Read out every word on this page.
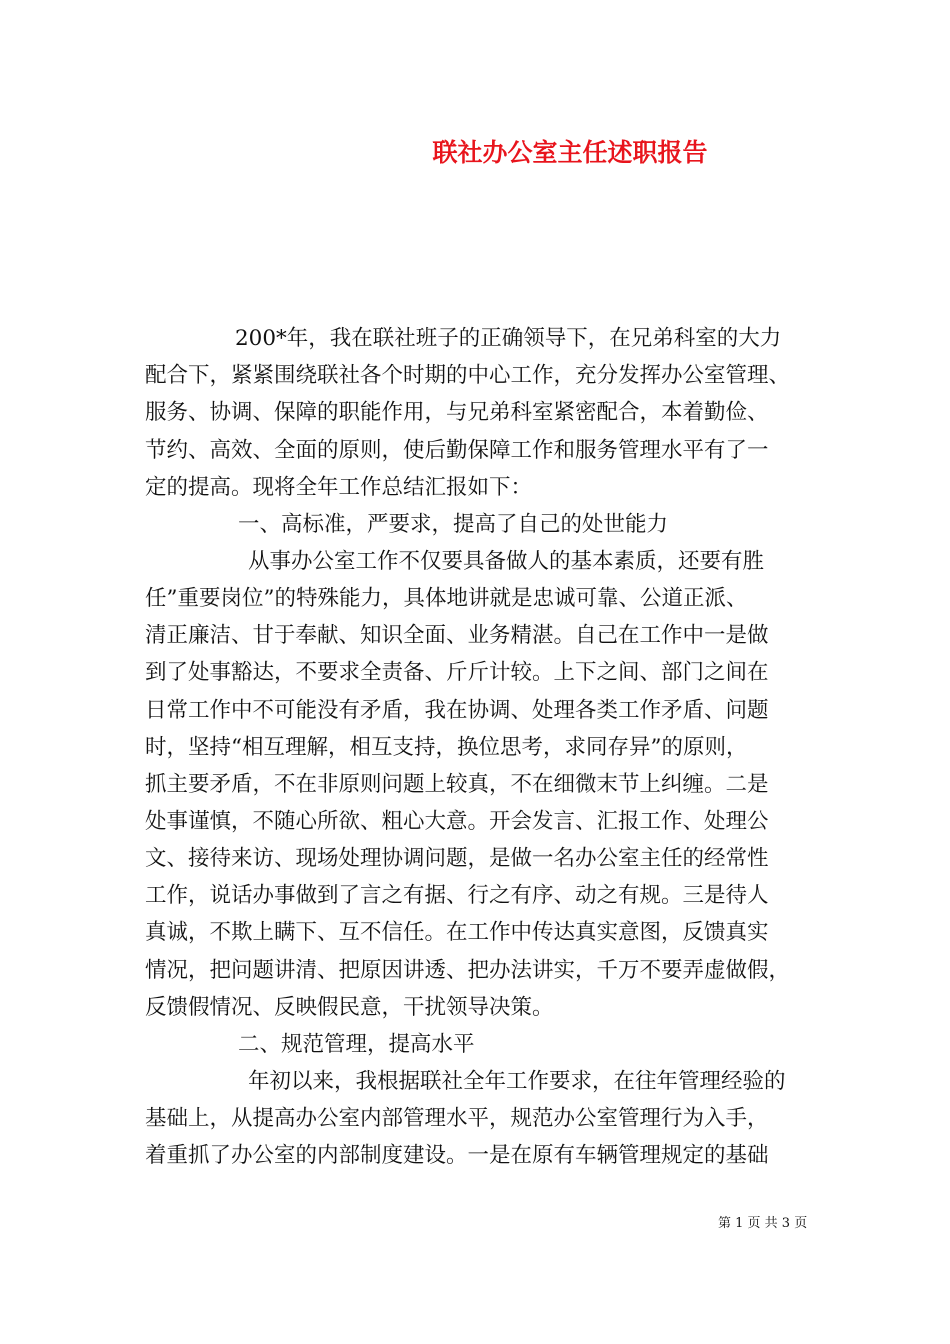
联社办公室主任述职报告
200*年，我在联社班子的正确领导下，在兄弟科室的大力
配合下，紧紧围绕联社各个时期的中心工作，充分发挥办公室管理、
服务、协调、保障的职能作用，与兄弟科室紧密配合，本着勤俭、
节约、高效、全面的原则，使后勤保障工作和服务管理水平有了一
定的提高。现将全年工作总结汇报如下：
一、高标准，严要求，提高了自己的处世能力
从事办公室工作不仅要具备做人的基本素质，还要有胜
任”重要岗位”的特殊能力，具体地讲就是忠诚可靠、公道正派、
清正廉洁、甘于奉献、知识全面、业务精湛。自己在工作中一是做
到了处事豁达，不要求全责备、斤斤计较。上下之间、部门之间在
日常工作中不可能没有矛盾，我在协调、处理各类工作矛盾、问题
时，坚持“相互理解，相互支持，换位思考，求同存异”的原则，
抓主要矛盾，不在非原则问题上较真，不在细微末节上纠缠。二是
处事谨慎，不随心所欲、粗心大意。开会发言、汇报工作、处理公
文、接待来访、现场处理协调问题，是做一名办公室主任的经常性
工作，说话办事做到了言之有据、行之有序、动之有规。三是待人
真诚，不欺上瞒下、互不信任。在工作中传达真实意图，反馈真实
情况，把问题讲清、把原因讲透、把办法讲实，千万不要弄虚做假，
反馈假情况、反映假民意，干扰领导决策。
二、规范管理，提高水平
年初以来，我根据联社全年工作要求，在往年管理经验的
基础上，从提高办公室内部管理水平，规范办公室管理行为入手，
着重抓了办公室的内部制度建设。一是在原有车辆管理规定的基础
第 1 页 共 3 页
